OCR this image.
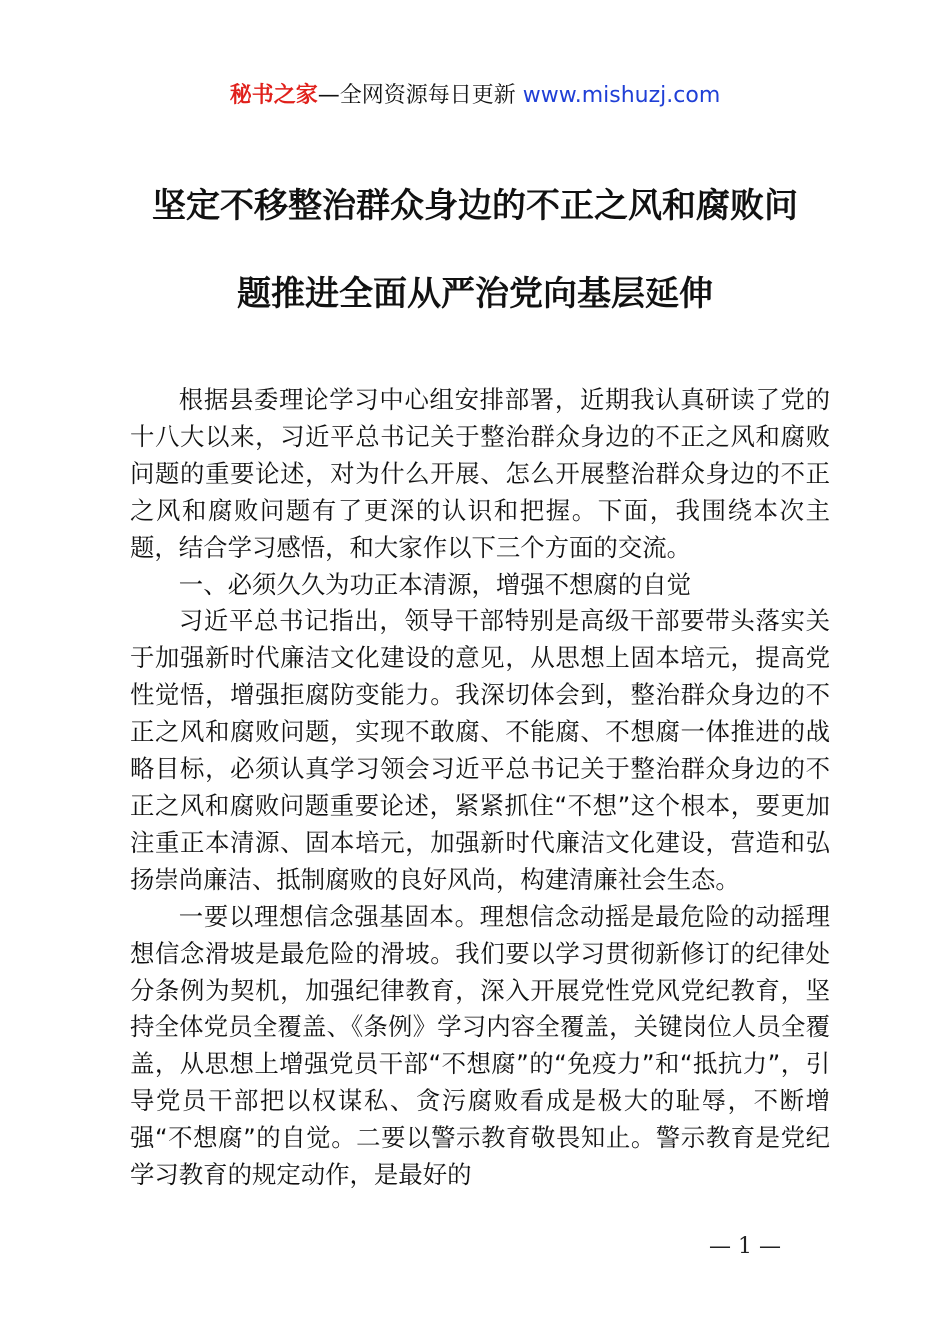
秘书之家—全网资源每日更新 www.mishuzj.com
坚定不移整治群众身边的不正之风和腐败问
题推进全面从严治党向基层延伸

根据县委理论学习中心组安排部署，近期我认真研读了党的十八大以来，习近平总书记关于整治群众身边的不正之风和腐败问题的重要论述，对为什么开展、怎么开展整治群众身边的不正之风和腐败问题有了更深的认识和把握。下面，我围绕本次主题，结合学习感悟，和大家作以下三个方面的交流。

一、必须久久为功正本清源，增强不想腐的自觉

习近平总书记指出，领导干部特别是高级干部要带头落实关于加强新时代廉洁文化建设的意见，从思想上固本培元，提高党性觉悟，增强拒腐防变能力。我深切体会到，整治群众身边的不正之风和腐败问题，实现不敢腐、不能腐、不想腐一体推进的战略目标，必须认真学习领会习近平总书记关于整治群众身边的不正之风和腐败问题重要论述，紧紧抓住“不想”这个根本，要更加注重正本清源、固本培元，加强新时代廉洁文化建设，营造和弘扬崇尚廉洁、抵制腐败的良好风尚，构建清廉社会生态。

一要以理想信念强基固本。理想信念动摇是最危险的动摇理想信念滑坡是最危险的滑坡。我们要以学习贯彻新修订的纪律处分条例为契机，加强纪律教育，深入开展党性党风党纪教育，坚持全体党员全覆盖、《条例》学习内容全覆盖，关键岗位人员全覆盖，从思想上增强党员干部“不想腐”的“免疫力”和“抵抗力”，引导党员干部把以权谋私、贪污腐败看成是极大的耻辱，不断增强“不想腐”的自觉。二要以警示教育敬畏知止。警示教育是党纪学习教育的规定动作，是最好的

— 1 —
